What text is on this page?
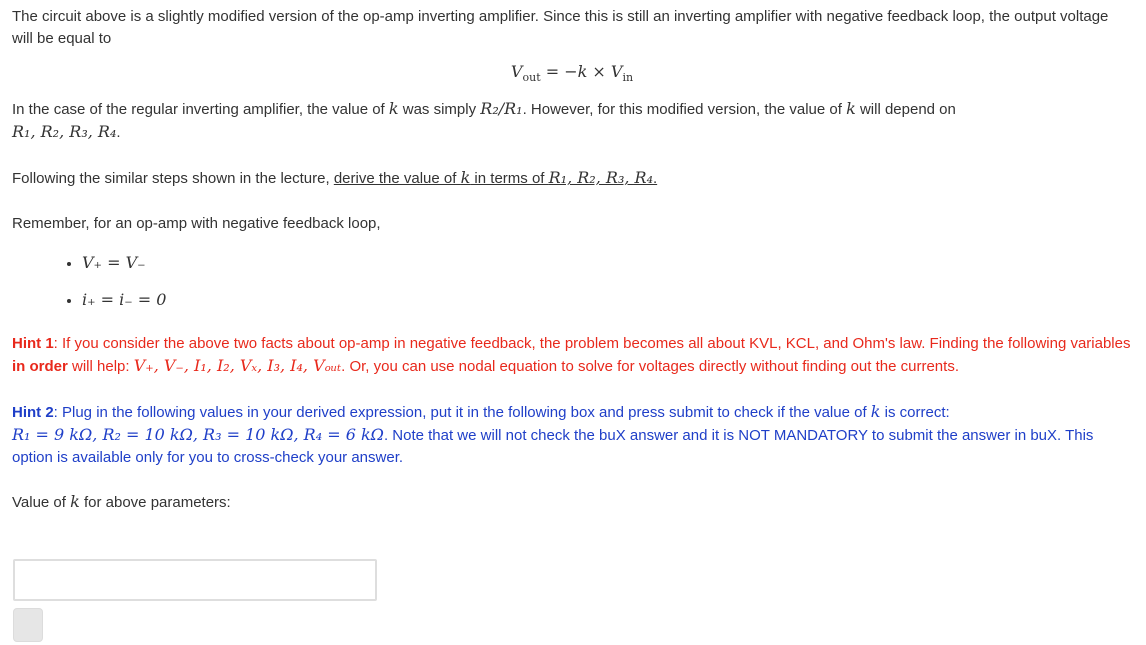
The circuit above is a slightly modified version of the op-amp inverting amplifier. Since this is still an inverting amplifier with negative feedback loop, the output voltage will be equal to

$V_{out} = -k \times V_{in}$

In the case of the regular inverting amplifier, the value of k was simply R₂/R₁. However, for this modified version, the value of k will depend on
R₁, R₂, R₃, R₄.

Following the similar steps shown in the lecture, derive the value of k in terms of R₁, R₂, R₃, R₄.

Remember, for an op-amp with negative feedback loop,

• V₊ = V₋
• i₊ = i₋ = 0

Hint 1: If you consider the above two facts about op-amp in negative feedback, the problem becomes all about KVL, KCL, and Ohm's law. Finding the following variables in order will help: V₊, V₋, I₁, I₂, Vₓ, I₃, I₄, Vₒᵤₜ. Or, you can use nodal equation to solve for voltages directly without finding out the currents.

Hint 2: Plug in the following values in your derived expression, put it in the following box and press submit to check if the value of k is correct:
R₁ = 9 kΩ, R₂ = 10 kΩ, R₃ = 10 kΩ, R₄ = 6 kΩ. Note that we will not check the buX answer and it is NOT MANDATORY to submit the answer in buX. This option is available only for you to cross-check your answer.

Value of k for above parameters:
